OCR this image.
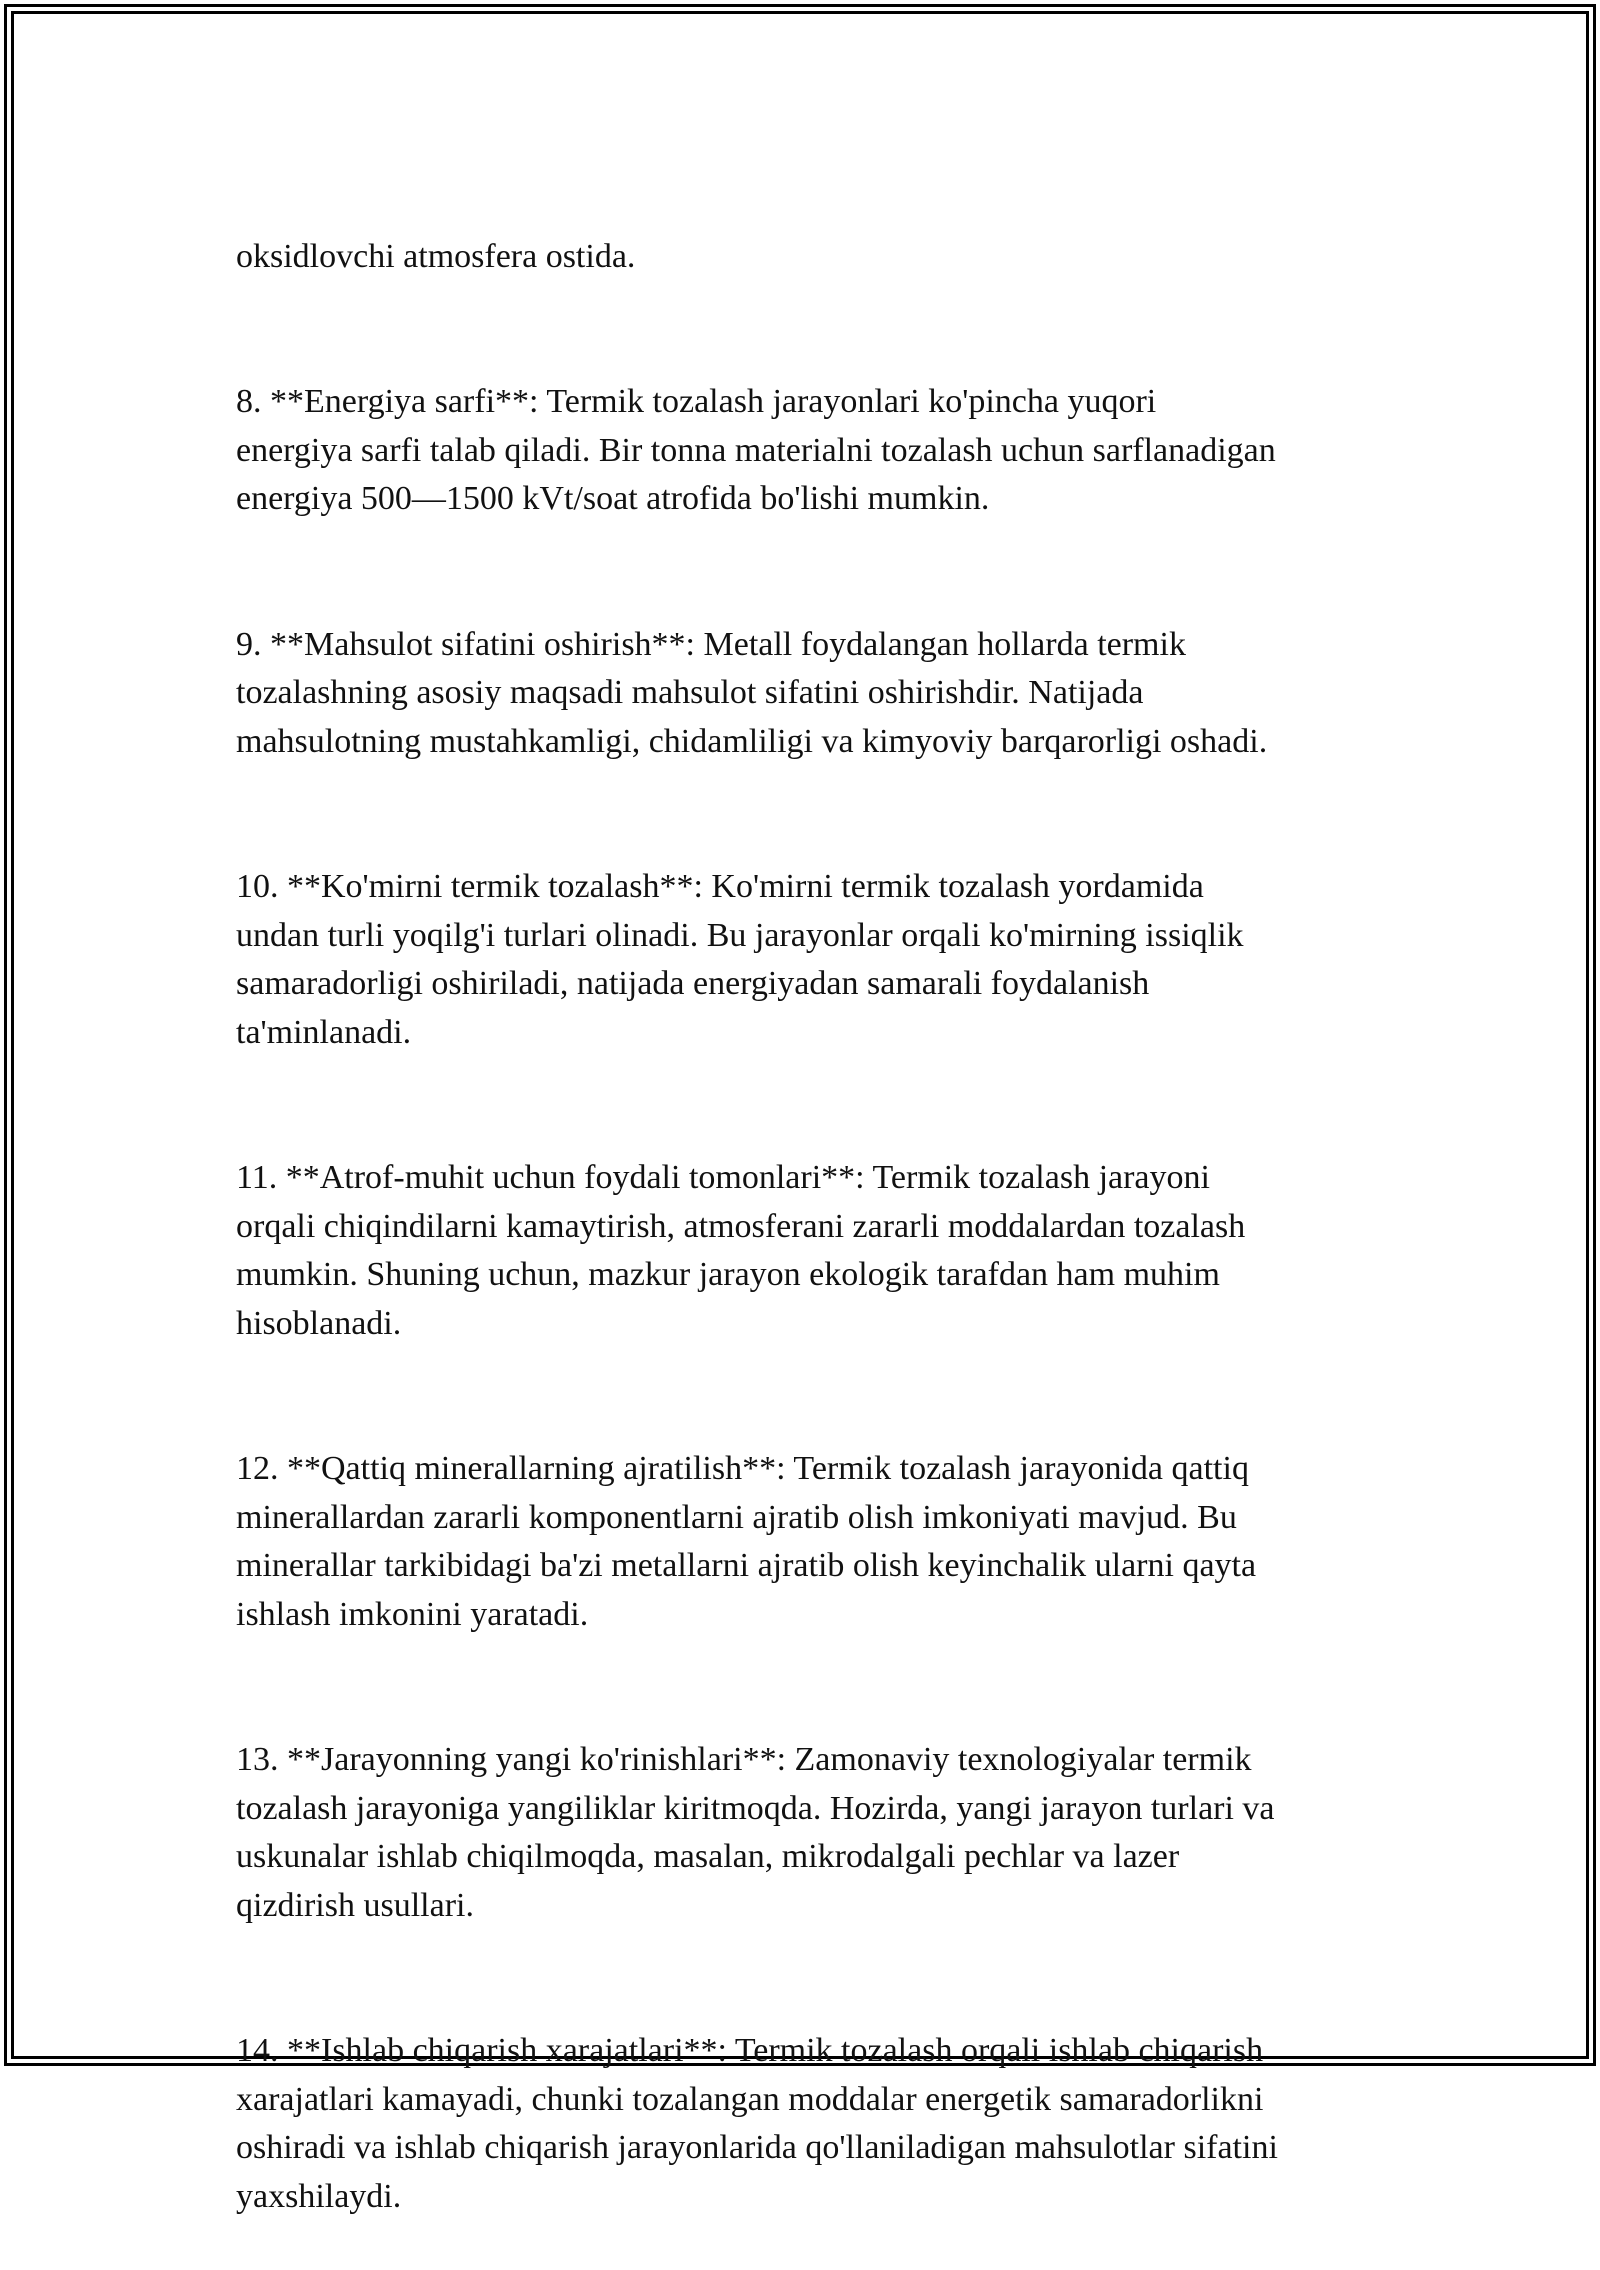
oksidlovchi atmosfera ostida.

8. **Energiya sarfi**: Termik tozalash jarayonlari ko'pincha yuqori
energiya sarfi talab qiladi. Bir tonna materialni tozalash uchun sarflanadigan
energiya 500—1500 kVt/soat atrofida bo'lishi mumkin.

9. **Mahsulot sifatini oshirish**: Metall foydalangan hollarda termik
tozalashning asosiy maqsadi mahsulot sifatini oshirishdir. Natijada
mahsulotning mustahkamligi, chidamliligi va kimyoviy barqarorligi oshadi.

10. **Ko'mirni termik tozalash**: Ko'mirni termik tozalash yordamida
undan turli yoqilg'i turlari olinadi. Bu jarayonlar orqali ko'mirning issiqlik
samaradorligi oshiriladi, natijada energiyadan samarali foydalanish
ta'minlanadi.

11. **Atrof-muhit uchun foydali tomonlari**: Termik tozalash jarayoni
orqali chiqindilarni kamaytirish, atmosferani zararli moddalardan tozalash
mumkin. Shuning uchun, mazkur jarayon ekologik tarafdan ham muhim
hisoblanadi.

12. **Qattiq minerallarning ajratilish**: Termik tozalash jarayonida qattiq
minerallardan zararli komponentlarni ajratib olish imkoniyati mavjud. Bu
minerallar tarkibidagi ba'zi metallarni ajratib olish keyinchalik ularni qayta
ishlash imkonini yaratadi.

13. **Jarayonning yangi ko'rinishlari**: Zamonaviy texnologiyalar termik
tozalash jarayoniga yangiliklar kiritmoqda. Hozirda, yangi jarayon turlari va
uskunalar ishlab chiqilmoqda, masalan, mikrodalgali pechlar va lazer
qizdirish usullari.

14. **Ishlab chiqarish xarajatlari**: Termik tozalash orqali ishlab chiqarish
xarajatlari kamayadi, chunki tozalangan moddalar energetik samaradorlikni
oshiradi va ishlab chiqarish jarayonlarida qo'llaniladigan mahsulotlar sifatini
yaxshilaydi.
